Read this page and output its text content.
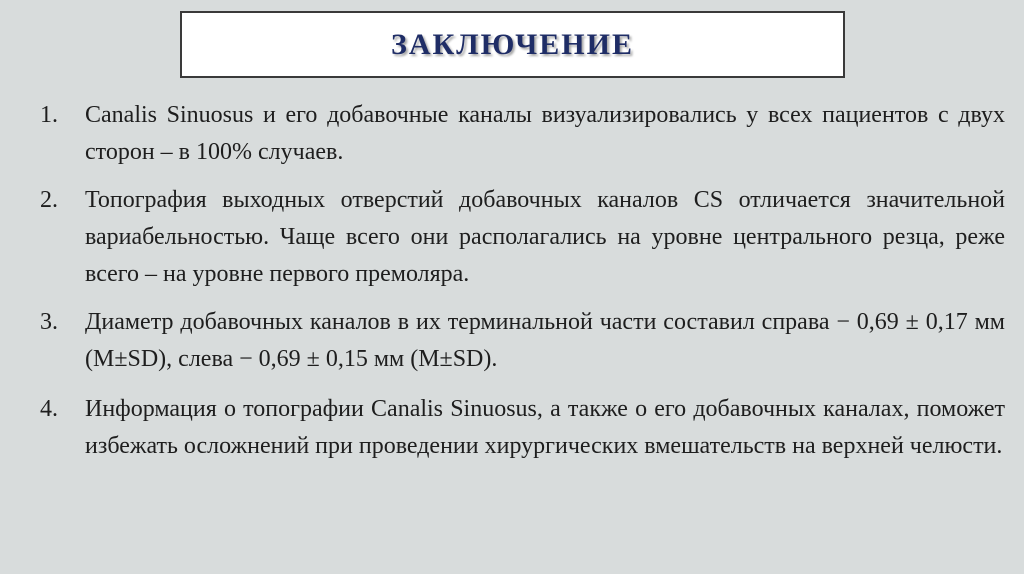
ЗАКЛЮЧЕНИЕ
1.	Canalis Sinuosus и его добавочные каналы визуализировались у всех пациентов с двух сторон – в 100% случаев.
2.	Топография выходных отверстий добавочных каналов CS отличается значительной вариабельностью. Чаще всего они располагались на уровне центрального резца, реже всего – на уровне первого премоляра.
3.	Диаметр добавочных каналов в их терминальной части составил справа − 0,69 ± 0,17 мм (M±SD), слева − 0,69 ± 0,15 мм (M±SD).
4.	Информация о топографии Canalis Sinuosus, а также о его добавочных каналах, поможет избежать осложнений при проведении хирургических вмешательств на верхней челюсти.
